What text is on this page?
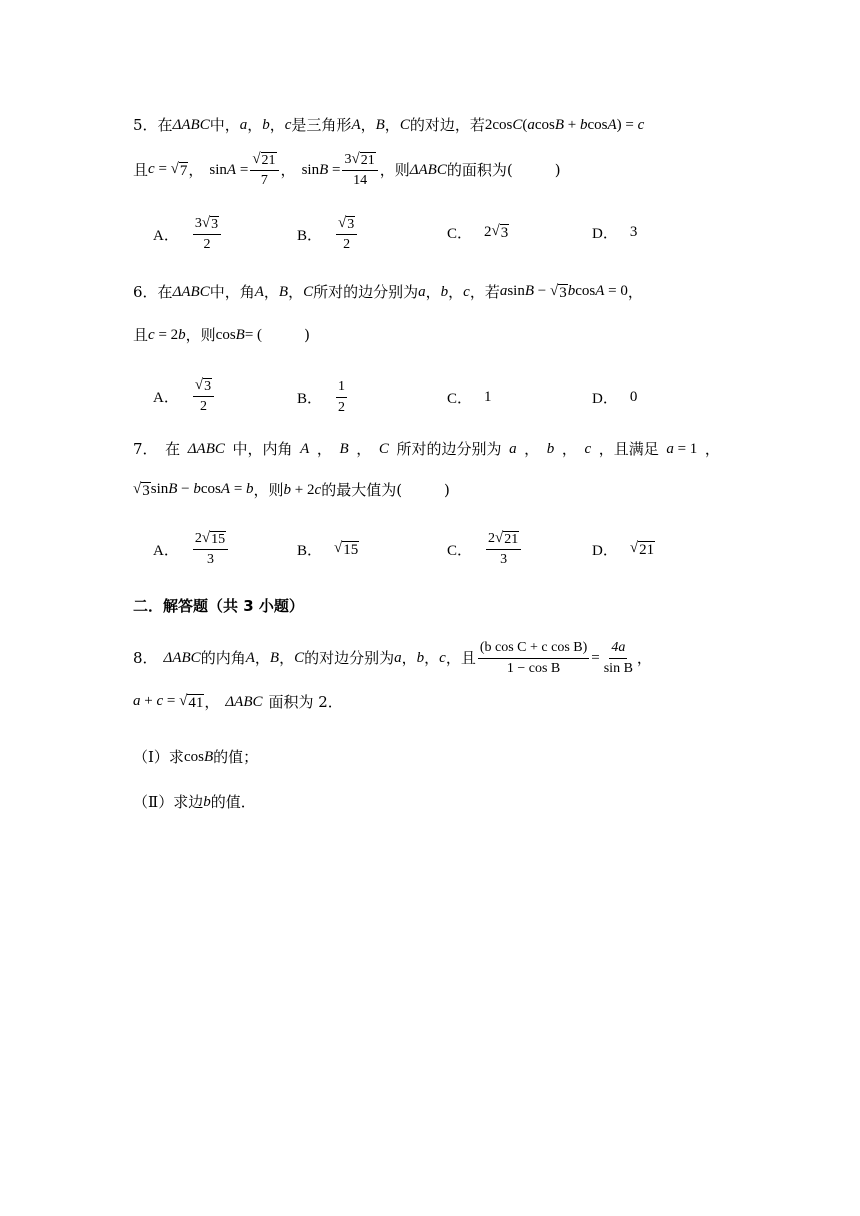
5． 在 ΔABC 中， a ， b ， c 是三角形 A ， B ， C 的对边，若 2cosC(acosB + bcosA) = c
且 c = √ 7 ， $\sin A = \frac{√ 21}{7}$ ， $\sin B = \frac{3 √ 21}{14}$ ，则 ΔABC 的面积为(	)
A． $\frac{3 √ 3}{2}$	B． $\frac{√ 3}{2}$	C． 2 √ 3	D． 3
6． 在 ΔABC 中，角 A ， B ， C 所对的边分别为 a ， b ， c ，若 asinB − √ 3 bcosA = 0 ，
且 c = 2b ，则 cosB = (	)
A． $\frac{√ 3}{2}$	B． $\frac{1}{2}$	C． 1	D． 0
7． 在 ΔABC 中，内角 A ， B ， C 所对的边分别为 a ， b ， c ，且满足 a = 1 ，
√ 3 sinB − bcosA = b ，则 b + 2c 的最大值为(	)
A． $\frac{2 √ 15}{3}$	B． √ 15	C． $\frac{2 √ 21}{3}$	D． √ 21
二．解答题（共 3 小题）
8． ΔABC 的内角 A ， B ， C 的对边分别为 a ， b ， c ，且 $\frac{\text{(b cos C + c cos B)}}{\text{1 − cos B}} = \frac{4a}{\text{sin B}}$ ，
a + c = √ 41 ， ΔABC 面积为 2．
（Ⅰ）求 cosB 的值；
（Ⅱ）求边 b 的值．
